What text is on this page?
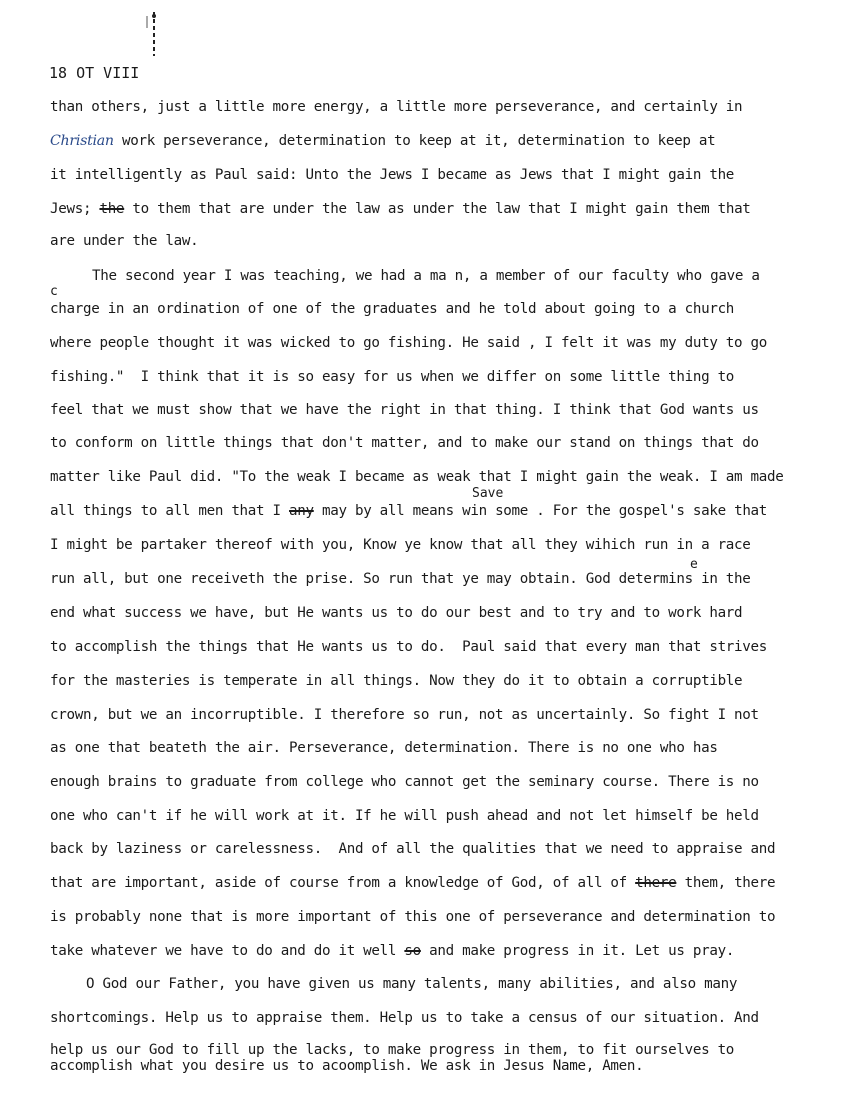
18 OT VIII
than others, just a little more energy, a little more perseverance, and certainly in
Christian work perseverance, determination to keep at it, determination to keep at
it intelligently as Paul said: Unto the Jews I became as Jews that I might gain the
Jews; the to them that are under the law as under the law that I might gain them that
are under the law.
The second year I was teaching, we had a ma n, a member of our faculty who gave a
c
charge in an ordination of one of the graduates and he told about going to a church
where people thought it was wicked to go fishing. He said , I felt it was my duty to go
fishing."  I think that it is so easy for us when we differ on some little thing to
feel that we must show that we have the right in that thing. I think that God wants us
to conform on little things that don't matter, and to make our stand on things that do
matter like Paul did. "To the weak I became as weak that I might gain the weak. I am made
Save
all things to all men that I any may by all means win some . For the gospel's sake that
I might be partaker thereof with you, Know ye know that all they wihich run in a race
e
run all, but one receiveth the prise. So run that ye may obtain. God determins in the
end what success we have, but He wants us to do our best and to try and to work hard
to accomplish the things that He wants us to do.  Paul said that every man that strives
for the masteries is temperate in all things. Now they do it to obtain a corruptible
crown, but we an incorruptible. I therefore so run, not as uncertainly. So fight I not
as one that beateth the air. Perseverance, determination. There is no one who has
enough brains to graduate from college who cannot get the seminary course. There is no
one who can't if he will work at it. If he will push ahead and not let himself be held
back by laziness or carelessness.  And of all the qualities that we need to appraise and
that are important, aside of course from a knowledge of God, of all of there them, there
is probably none that is more important of this one of perseverance and determination to
take whatever we have to do and do it well so and make progress in it. Let us pray.
O God our Father, you have given us many talents, many abilities, and also many
shortcomings. Help us to appraise them. Help us to take a census of our situation. And
help us our God to fill up the lacks, to make progress in them, to fit ourselves to
accomplish what you desire us to acoomplish. We ask in Jesus Name, Amen.
